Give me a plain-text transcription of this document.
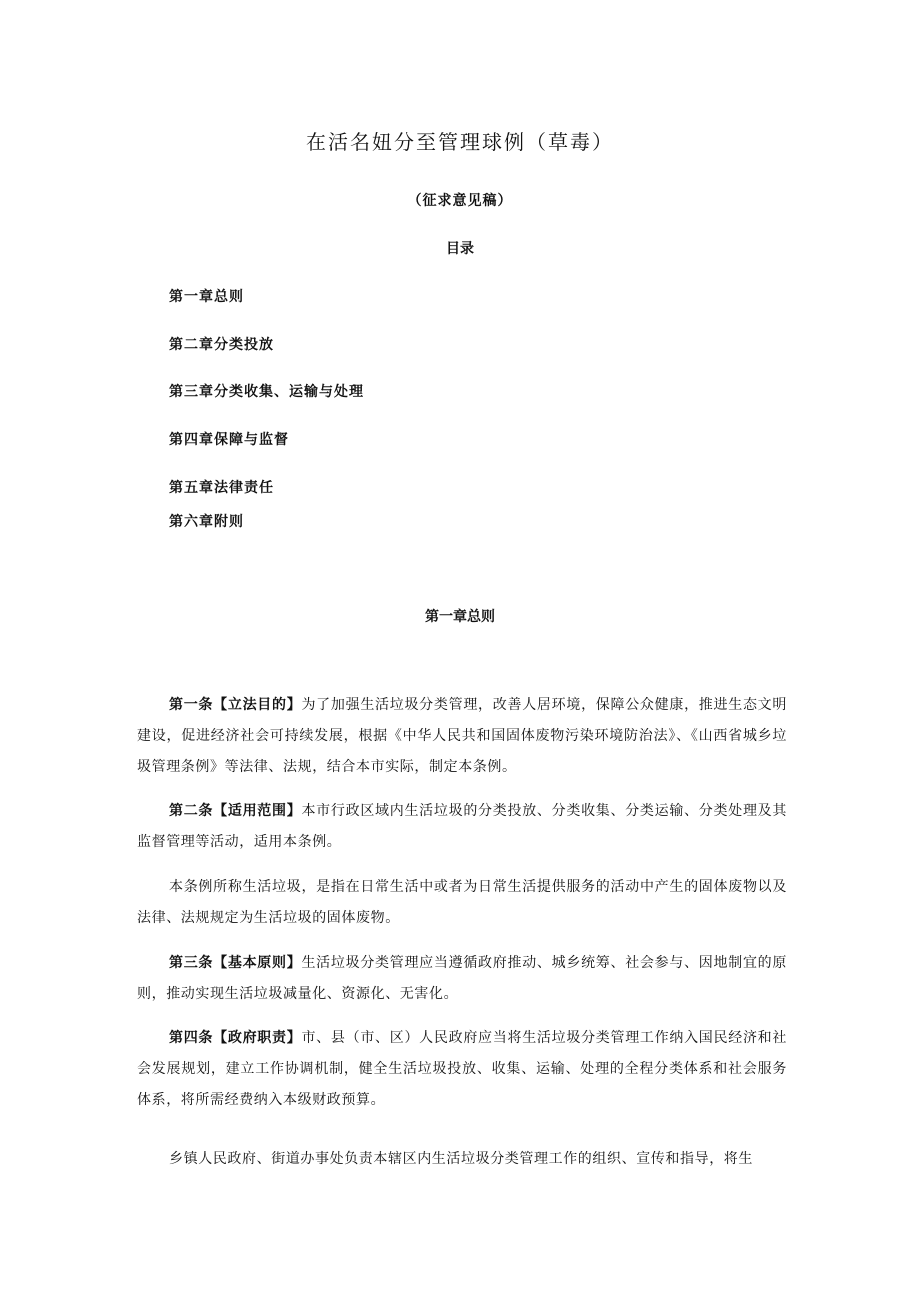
在活名妞分至管理球例（草毒）
（征求意见稿）
目录
第一章总则
第二章分类投放
第三章分类收集、运输与处理
第四章保障与监督
第五章法律责任
第六章附则
第一章总则

第一条【立法目的】为了加强生活垃圾分类管理，改善人居环境，保障公众健康，推进生态文明建设，促进经济社会可持续发展，根据《中华人民共和国固体废物污染环境防治法》、《山西省城乡垃圾管理条例》等法律、法规，结合本市实际，制定本条例。

第二条【适用范围】本市行政区域内生活垃圾的分类投放、分类收集、分类运输、分类处理及其监督管理等活动，适用本条例。

本条例所称生活垃圾，是指在日常生活中或者为日常生活提供服务的活动中产生的固体废物以及法律、法规规定为生活垃圾的固体废物。

第三条【基本原则】生活垃圾分类管理应当遵循政府推动、城乡统筹、社会参与、因地制宜的原则，推动实现生活垃圾减量化、资源化、无害化。

第四条【政府职责】市、县（市、区）人民政府应当将生活垃圾分类管理工作纳入国民经济和社会发展规划，建立工作协调机制，健全生活垃圾投放、收集、运输、处理的全程分类体系和社会服务体系，将所需经费纳入本级财政预算。

乡镇人民政府、街道办事处负责本辖区内生活垃圾分类管理工作的组织、宣传和指导，将生
